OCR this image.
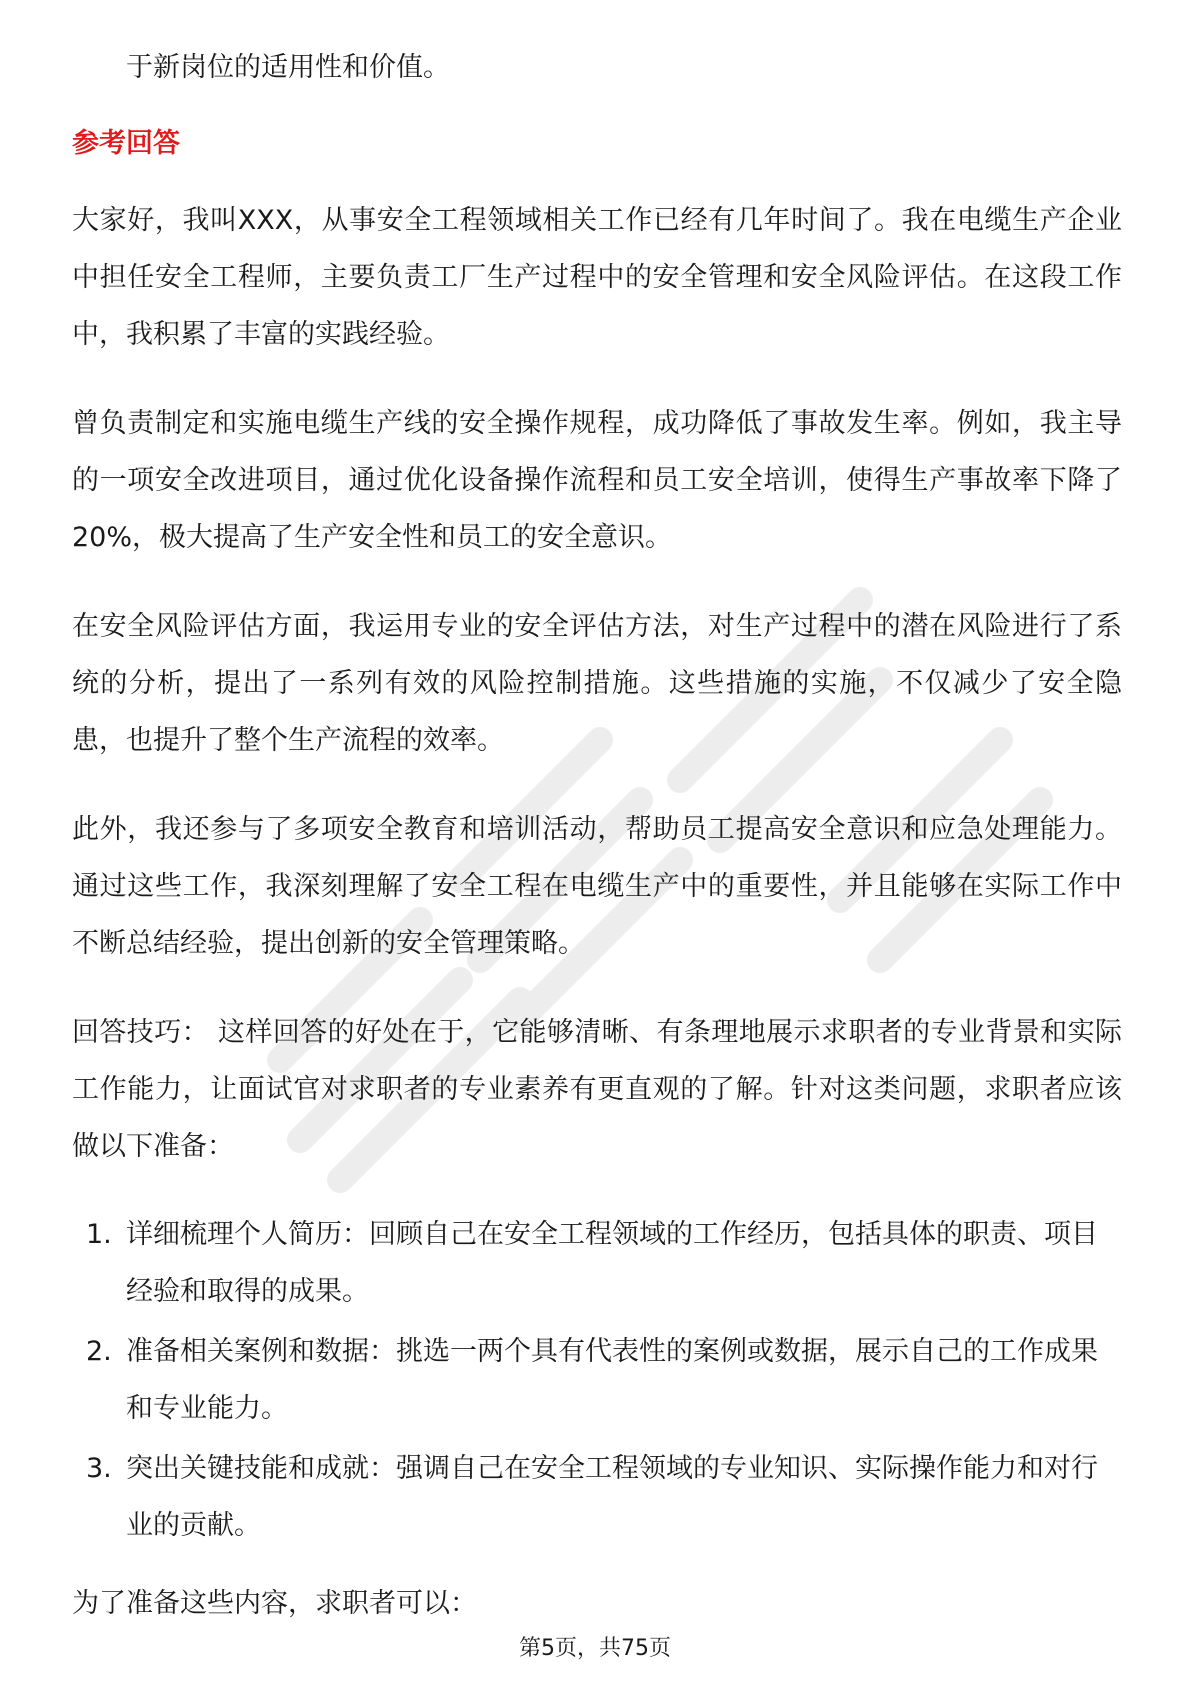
于新岗位的适用性和价值。

参考回答

大家好，我叫XXX，从事安全工程领域相关工作已经有几年时间了。我在电缆生产企业中担任安全工程师，主要负责工厂生产过程中的安全管理和安全风险评估。在这段工作中，我积累了丰富的实践经验。

曾负责制定和实施电缆生产线的安全操作规程，成功降低了事故发生率。例如，我主导的一项安全改进项目，通过优化设备操作流程和员工安全培训，使得生产事故率下降了20%，极大提高了生产安全性和员工的安全意识。

在安全风险评估方面，我运用专业的安全评估方法，对生产过程中的潜在风险进行了系统的分析，提出了一系列有效的风险控制措施。这些措施的实施，不仅减少了安全隐患，也提升了整个生产流程的效率。

此外，我还参与了多项安全教育和培训活动，帮助员工提高安全意识和应急处理能力。通过这些工作，我深刻理解了安全工程在电缆生产中的重要性，并且能够在实际工作中不断总结经验，提出创新的安全管理策略。

回答技巧： 这样回答的好处在于，它能够清晰、有条理地展示求职者的专业背景和实际工作能力，让面试官对求职者的专业素养有更直观的了解。针对这类问题，求职者应该做以下准备：

1. 详细梳理个人简历：回顾自己在安全工程领域的工作经历，包括具体的职责、项目经验和取得的成果。
2. 准备相关案例和数据：挑选一两个具有代表性的案例或数据，展示自己的工作成果和专业能力。
3. 突出关键技能和成就：强调自己在安全工程领域的专业知识、实际操作能力和对行业的贡献。

为了准备这些内容，求职者可以：

第5页，共75页
